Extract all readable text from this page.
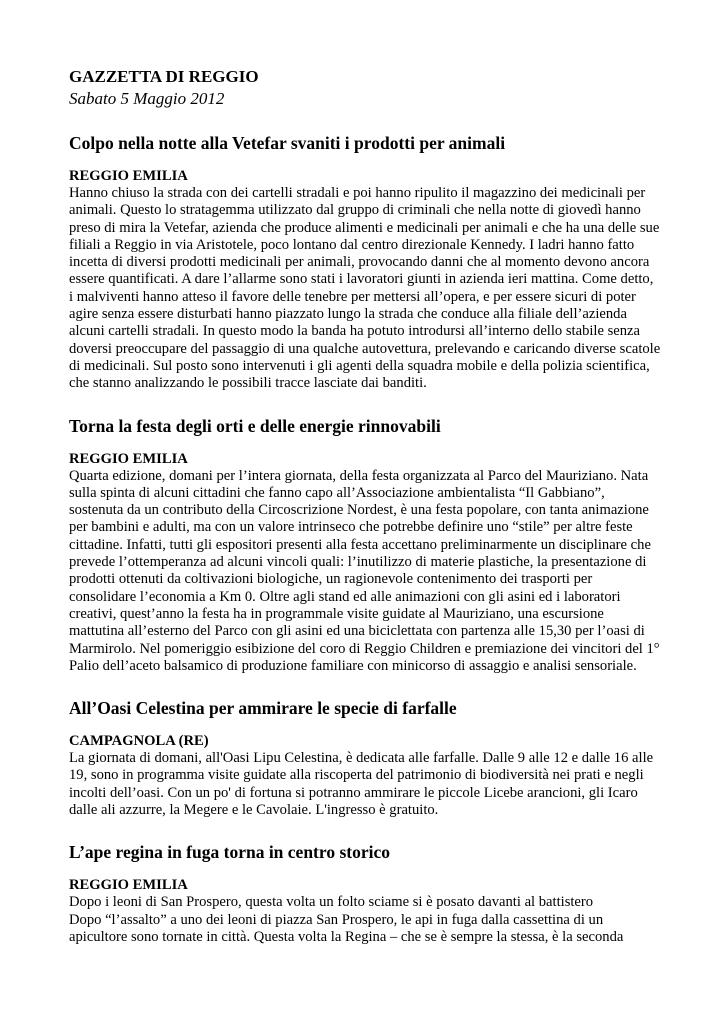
GAZZETTA DI REGGIO

Sabato 5 Maggio 2012

Colpo nella notte alla Vetefar svaniti i prodotti per animali

REGGIO EMILIA

Hanno chiuso la strada con dei cartelli stradali e poi hanno ripulito il magazzino dei medicinali per animali. Questo lo stratagemma utilizzato dal gruppo di criminali che nella notte di giovedì hanno preso di mira la Vetefar, azienda che produce alimenti e medicinali per animali e che ha una delle sue filiali a Reggio in via Aristotele, poco lontano dal centro direzionale Kennedy. I ladri hanno fatto incetta di diversi prodotti medicinali per animali, provocando danni che al momento devono ancora essere quantificati. A dare l’allarme sono stati i lavoratori giunti in azienda ieri mattina. Come detto, i malviventi hanno atteso il favore delle tenebre per mettersi all’opera, e per essere sicuri di poter agire senza essere disturbati hanno piazzato lungo la strada che conduce alla filiale dell’azienda alcuni cartelli stradali. In questo modo la banda ha potuto introdursi all’interno dello stabile senza doversi preoccupare del passaggio di una qualche autovettura, prelevando e caricando diverse scatole di medicinali. Sul posto sono intervenuti i gli agenti della squadra mobile e della polizia scientifica, che stanno analizzando le possibili tracce lasciate dai banditi.

Torna la festa degli orti e delle energie rinnovabili

REGGIO EMILIA

Quarta edizione, domani per l’intera giornata, della festa organizzata al Parco del Mauriziano. Nata sulla spinta di alcuni cittadini che fanno capo all’Associazione ambientalista “Il Gabbiano”, sostenuta da un contributo della Circoscrizione Nordest, è una festa popolare, con tanta animazione per bambini e adulti, ma con un valore intrinseco che potrebbe definire uno “stile” per altre feste cittadine. Infatti, tutti gli espositori presenti alla festa accettano preliminarmente un disciplinare che prevede l’ottemperanza ad alcuni vincoli quali: l’inutilizzo di materie plastiche, la presentazione di prodotti ottenuti da coltivazioni biologiche, un ragionevole contenimento dei trasporti per consolidare l’economia a Km 0. Oltre agli stand ed alle animazioni con gli asini ed i laboratori creativi, quest’anno la festa ha in programmale visite guidate al Mauriziano, una escursione mattutina all’esterno del Parco con gli asini ed una biciclettata con partenza alle 15,30 per l’oasi di Marmirolo. Nel pomeriggio esibizione del coro di Reggio Children e premiazione dei vincitori del 1° Palio dell’aceto balsamico di produzione familiare con minicorso di assaggio e analisi sensoriale.

All’Oasi Celestina per ammirare le specie di farfalle

CAMPAGNOLA (RE)

La giornata di domani, all'Oasi Lipu Celestina, è dedicata alle farfalle. Dalle 9 alle 12 e dalle 16 alle 19, sono in programma visite guidate alla riscoperta del patrimonio di biodiversità nei prati e negli incolti dell’oasi. Con un po' di fortuna si potranno ammirare le piccole Licebe arancioni, gli Icaro dalle ali azzurre, la Megere e le Cavolaie. L'ingresso è gratuito.

L’ape regina in fuga torna in centro storico

REGGIO EMILIA

Dopo i leoni di San Prospero, questa volta un folto sciame si è posato davanti al battistero

Dopo “l’assalto” a uno dei leoni di piazza San Prospero, le api in fuga dalla cassettina di un apicultore sono tornate in città. Questa volta la Regina – che se è sempre la stessa, è la seconda
